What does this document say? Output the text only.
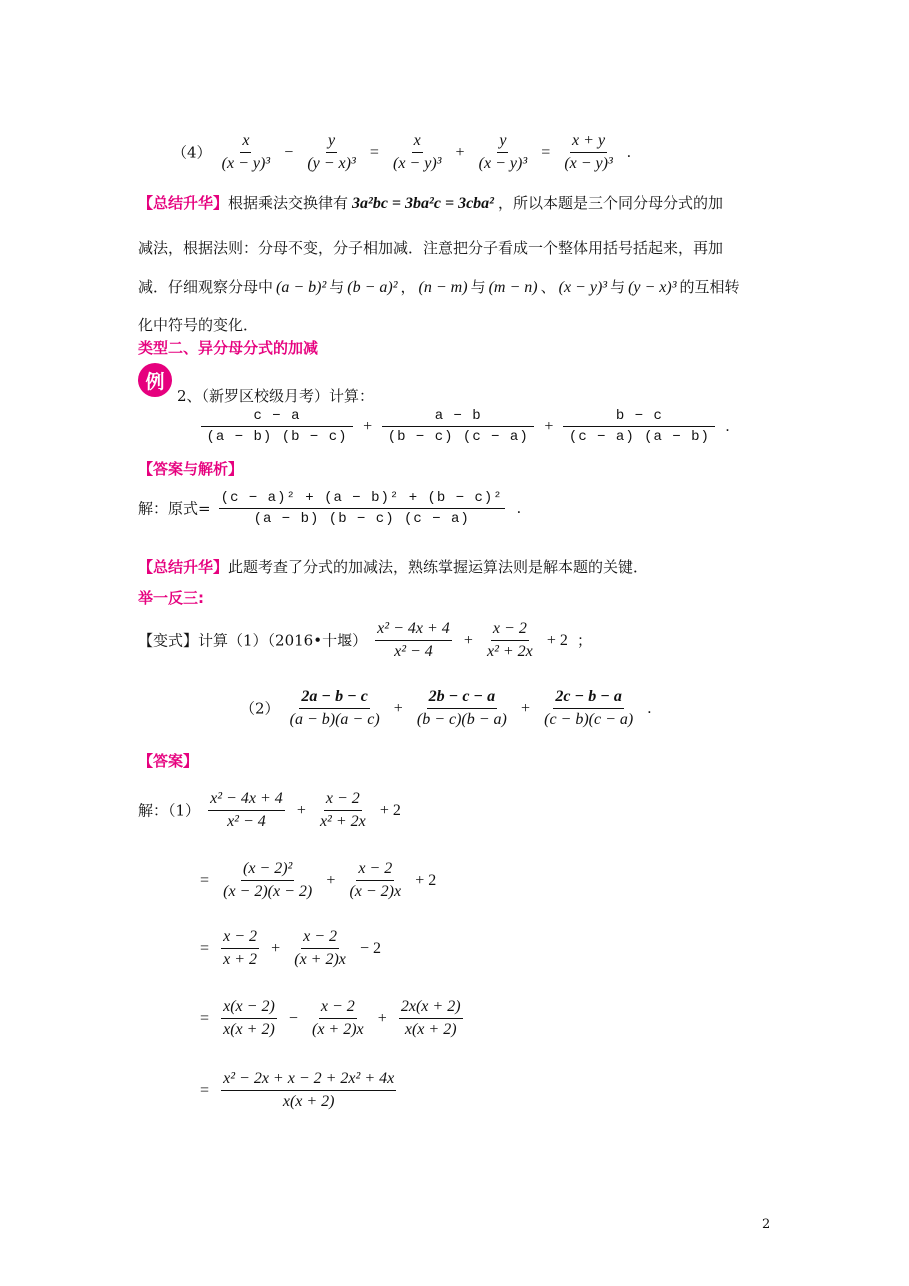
$(4) \frac{x}{\text{(x − y)³}} - \frac{y}{\text{(y − x)³}} = \frac{x}{\text{(x − y)³}} + \frac{y}{\text{(x − y)³}} = \frac{x + y}{\text{(x − y)³}}$ .
【总结升华】根据乘法交换律有 3a²bc = 3ba²c = 3cba² ，所以本题是三个同分母分式的加
减法，根据法则：分母不变，分子相加减．注意把分子看成一个整体用括号括起来，再加
减．仔细观察分母中 (a − b)² 与 (b − a)² ， (n − m) 与 (m − n) 、 (x − y)³ 与 (y − x)³ 的互相转
化中符号的变化．
类型二、异分母分式的加减
例
2、（新罗区校级月考）计算：
$\frac{c - a}{(a - b) (b - c)} + \frac{a - b}{(b - c) (c - a)} + \frac{b - c}{(c - a) (a - b)}$ .
【答案与解析】
解：原式= $\frac{\text{(c − a)² + (a − b)² + (b − c)²}}{(a - b) (b - c) (c - a)}$ .
【总结升华】此题考查了分式的加减法，熟练掌握运算法则是解本题的关键．
举一反三:
【变式】计算（1）（2016•十堰） $\frac{\text{x² − 4x + 4}}{\text{x² − 4}} + \frac{x - 2}{\text{x² + 2x}} + 2$ ；
$(2) \frac{2a - b - c}{(a - b)(a - c)} + \frac{2b - c - a}{(b - c)(b - a)} + \frac{2c - b - a}{(c - b)(c - a)}$ .
【答案】
解：$(1) \frac{\text{x² − 4x + 4}}{\text{x² − 4}} + \frac{x - 2}{\text{x² + 2x}} + 2$
= $\frac{\text{(x − 2)²}}{(x - 2)(x - 2)} + \frac{x - 2}{(x - 2)x} + 2$
= $\frac{x - 2}{x + 2} + \frac{x - 2}{(x + 2)x} - 2$
= $\frac{x(x - 2)}{x(x + 2)} - \frac{x - 2}{(x + 2)x} + \frac{2x(x + 2)}{x(x + 2)}$
= $\frac{\text{x² − 2x + x − 2 + 2x² + 4x}}{x(x + 2)}$
2
